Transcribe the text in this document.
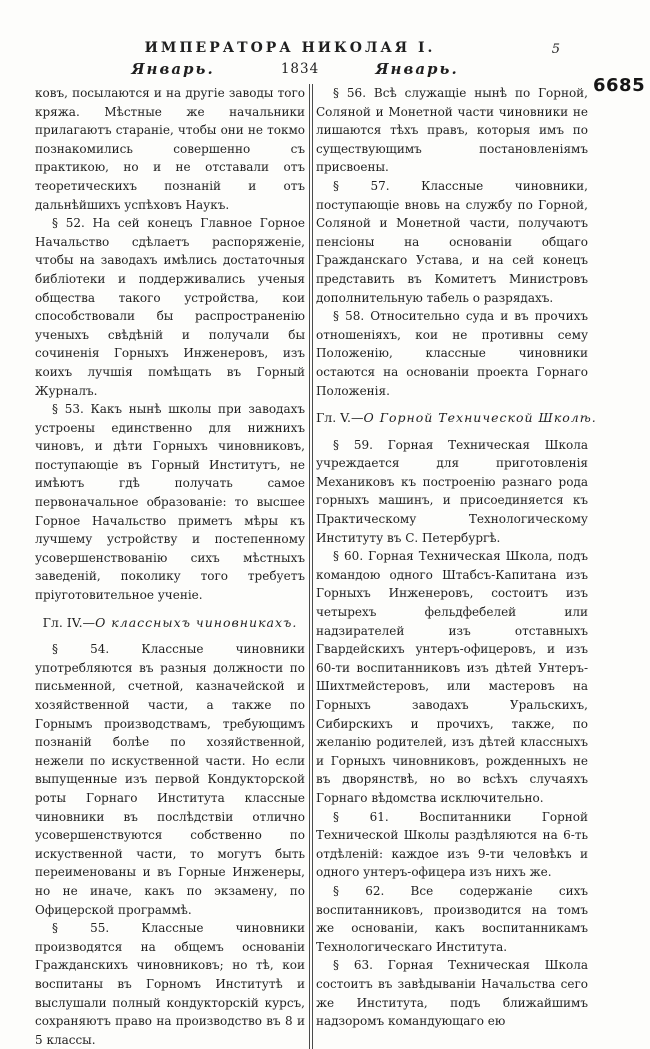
ИМПЕРАТОРА НИКОЛАЯ I.	5
Январь.	1834	Январь.
6685

ковъ, посылаются и на другіе заводы того кряжа. Мѣстные же начальники прилагаютъ стараніе, чтобы они не токмо познакомились совершенно съ практикою, но и не отставали отъ теоретическихъ познаній и отъ дальнѣйшихъ успѣховъ Наукъ.

§ 52. На сей конецъ Главное Горное Начальство сдѣлаетъ распоряженіе, чтобы на заводахъ имѣлись достаточныя библіотеки и поддерживались ученыя общества такого устройства, кои способствовали бы распространенію ученыхъ свѣдѣній и получали бы сочиненія Горныхъ Инженеровъ, изъ коихъ лучшія помѣщать въ Горный Журналъ.

§ 53. Какъ нынѣ школы при заводахъ устроены единственно для нижнихъ чиновъ, и дѣти Горныхъ чиновниковъ, поступающіе въ Горный Институтъ, не имѣютъ гдѣ получать самое первоначальное образованіе: то высшее Горное Начальство приметъ мѣры къ лучшему устройству и постепенному усовершенствованію сихъ мѣстныхъ заведеній, поколику того требуетъ пріуготовительное ученіе.

Гл. IV.—О классныхъ чиновникахъ.

§ 54. Классные чиновники употребляются въ разныя должности по письменной, счетной, казначейской и хозяйственной части, а также по Горнымъ производствамъ, требующимъ познаній болѣе по хозяйственной, нежели по искуственной части. Но если выпущенные изъ первой Кондукторской роты Горнаго Института классные чиновники въ послѣдствіи отлично усовершенствуются собственно по искуственной части, то могутъ быть переименованы и въ Горные Инженеры, но не иначе, какъ по экзамену, по Офицерской программѣ.

§ 55. Классные чиновники производятся на общемъ основаніи Гражданскихъ чиновниковъ; но тѣ, кои воспитаны въ Горномъ Институтѣ и выслушали полный кондукторскій курсъ, сохраняютъ право на производство въ 8 и 5 классы.

§ 56. Всѣ служащіе нынѣ по Горной, Соляной и Монетной части чиновники не лишаются тѣхъ правъ, которыя имъ по существующимъ постановленіямъ присвоены.

§ 57. Классные чиновники, поступающіе вновь на службу по Горной, Соляной и Монетной части, получаютъ пенсіоны на основаніи общаго Гражданскаго Устава, и на сей конецъ представить въ Комитетъ Министровъ дополнительную табель о разрядахъ.

§ 58. Относительно суда и въ прочихъ отношеніяхъ, кои не противны сему Положенію, классные чиновники остаются на основаніи проекта Горнаго Положенія.

Гл. V.—О Горной Технической Школѣ.

§ 59. Горная Техническая Школа учреждается для приготовленія Механиковъ къ построенію разнаго рода горныхъ машинъ, и присоединяется къ Практическому Технологическому Институту въ С. Петербургѣ.

§ 60. Горная Техническая Школа, подъ командою одного Штабсъ-Капитана изъ Горныхъ Инженеровъ, состоитъ изъ четырехъ фельдфебелей или надзирателей изъ отставныхъ Гвардейскихъ унтеръ-офицеровъ, и изъ 60-ти воспитанниковъ изъ дѣтей Унтеръ-Шихтмейстеровъ, или мастеровъ на Горныхъ заводахъ Уральскихъ, Сибирскихъ и прочихъ, также, по желанію родителей, изъ дѣтей классныхъ и Горныхъ чиновниковъ, рожденныхъ не въ дворянствѣ, но во всѣхъ случаяхъ Горнаго вѣдомства исключительно.

§ 61. Воспитанники Горной Технической Школы раздѣляются на 6-ть отдѣленій: каждое изъ 9-ти человѣкъ и одного унтеръ-офицера изъ нихъ же.

§ 62. Все содержаніе сихъ воспитанниковъ, производится на томъ же основаніи, какъ воспитанникамъ Технологическаго Института.

§ 63. Горная Техническая Школа состоитъ въ завѣдываніи Начальства сего же Института, подъ ближайшимъ надзоромъ командующаго ею
